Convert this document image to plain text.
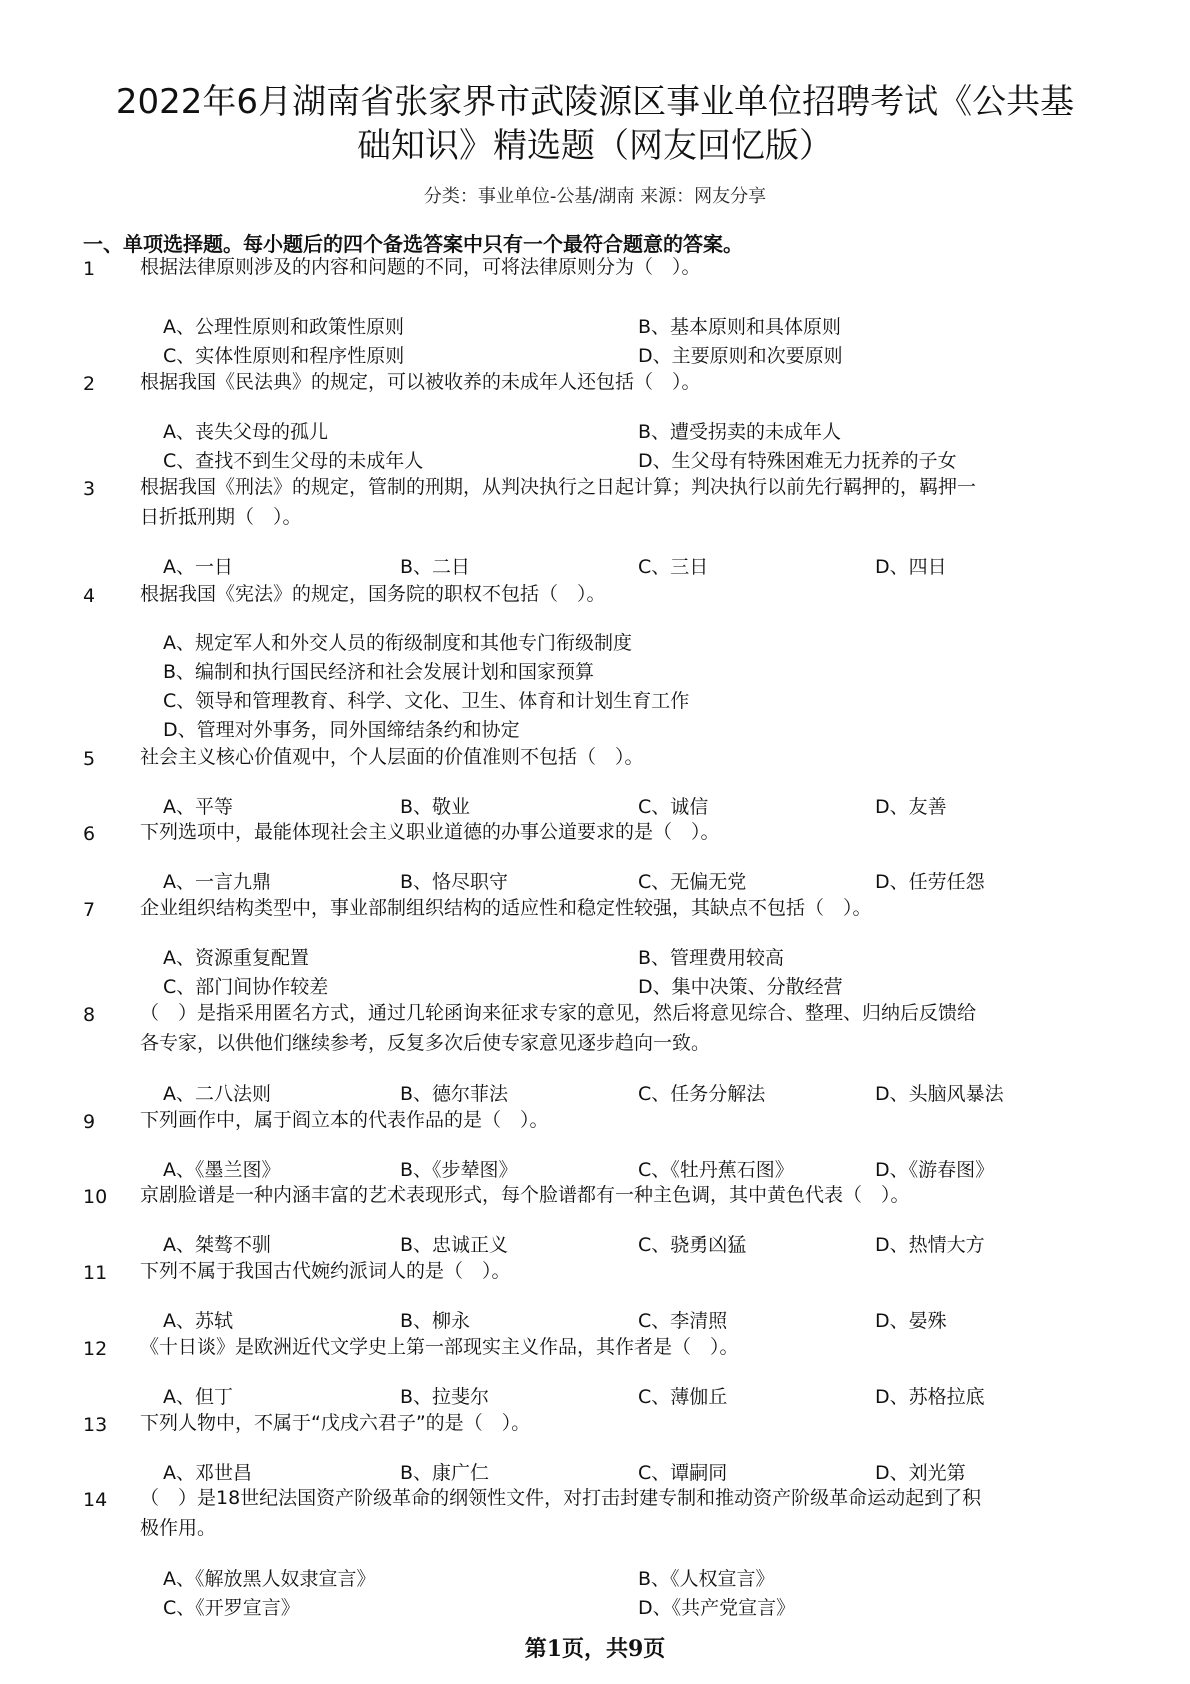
2022年6月湖南省张家界市武陵源区事业单位招聘考试《公共基
础知识》精选题（网友回忆版）
分类：事业单位-公基/湖南 来源：网友分享
一、单项选择题。每小题后的四个备选答案中只有一个最符合题意的答案。
1 根据法律原则涉及的内容和问题的不同，可将法律原则分为（　）。
A、公理性原则和政策性原则	B、基本原则和具体原则
C、实体性原则和程序性原则	D、主要原则和次要原则
2 根据我国《民法典》的规定，可以被收养的未成年人还包括（　）。
A、丧失父母的孤儿	B、遭受拐卖的未成年人
C、查找不到生父母的未成年人	D、生父母有特殊困难无力抚养的子女
3 根据我国《刑法》的规定，管制的刑期，从判决执行之日起计算；判决执行以前先行羁押的，羁押一
日折抵刑期（　）。
A、一日	B、二日	C、三日	D、四日
4 根据我国《宪法》的规定，国务院的职权不包括（　）。
A、规定军人和外交人员的衔级制度和其他专门衔级制度
B、编制和执行国民经济和社会发展计划和国家预算
C、领导和管理教育、科学、文化、卫生、体育和计划生育工作
D、管理对外事务，同外国缔结条约和协定
5 社会主义核心价值观中，个人层面的价值准则不包括（　）。
A、平等	B、敬业	C、诚信	D、友善
6 下列选项中，最能体现社会主义职业道德的办事公道要求的是（　）。
A、一言九鼎	B、恪尽职守	C、无偏无党	D、任劳任怨
7 企业组织结构类型中，事业部制组织结构的适应性和稳定性较强，其缺点不包括（　）。
A、资源重复配置	B、管理费用较高
C、部门间协作较差	D、集中决策、分散经营
8 （　）是指采用匿名方式，通过几轮函询来征求专家的意见，然后将意见综合、整理、归纳后反馈给
各专家，以供他们继续参考，反复多次后使专家意见逐步趋向一致。
A、二八法则	B、德尔菲法	C、任务分解法	D、头脑风暴法
9 下列画作中，属于阎立本的代表作品的是（　）。
A、《墨兰图》	B、《步辇图》	C、《牡丹蕉石图》	D、《游春图》
10 京剧脸谱是一种内涵丰富的艺术表现形式，每个脸谱都有一种主色调，其中黄色代表（　）。
A、桀骜不驯	B、忠诚正义	C、骁勇凶猛	D、热情大方
11 下列不属于我国古代婉约派词人的是（　）。
A、苏轼	B、柳永	C、李清照	D、晏殊
12 《十日谈》是欧洲近代文学史上第一部现实主义作品，其作者是（　）。
A、但丁	B、拉斐尔	C、薄伽丘	D、苏格拉底
13 下列人物中，不属于“戊戌六君子”的是（　）。
A、邓世昌	B、康广仁	C、谭嗣同	D、刘光第
14 （　）是18世纪法国资产阶级革命的纲领性文件，对打击封建专制和推动资产阶级革命运动起到了积
极作用。
A、《解放黑人奴隶宣言》	B、《人权宣言》
C、《开罗宣言》	D、《共产党宣言》
第1页，共9页
